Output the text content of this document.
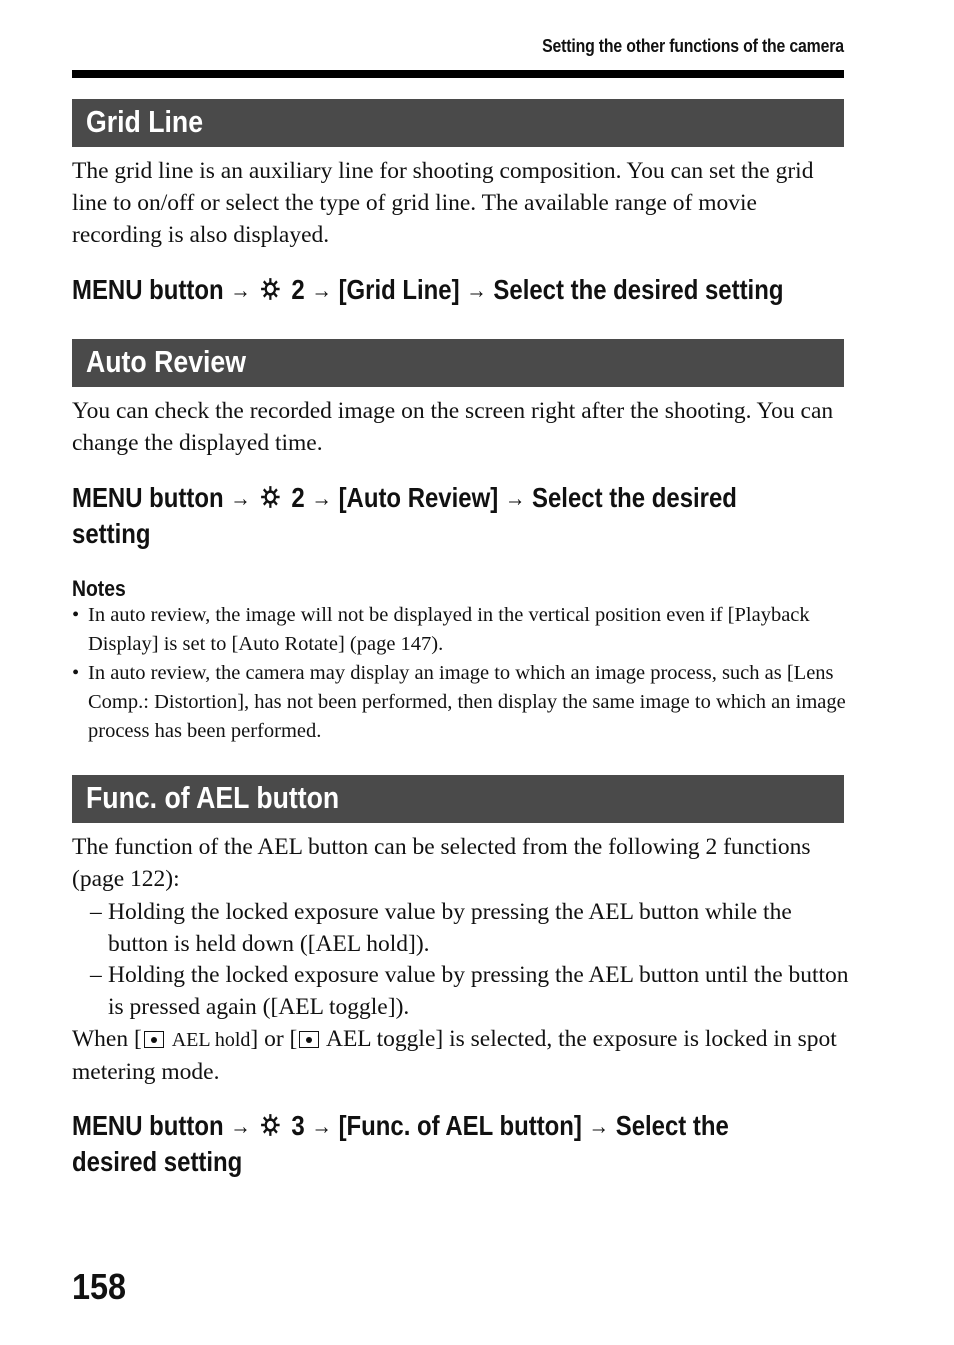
Setting the other functions of the camera
Grid Line

The grid line is an auxiliary line for shooting composition. You can set the grid line to on/off or select the type of grid line. The available range of movie recording is also displayed.

MENU button → 2 → [Grid Line] → Select the desired setting
Auto Review

You can check the recorded image on the screen right after the shooting. You can change the displayed time.

MENU button → 2 → [Auto Review] → Select the desired
setting
Notes
• In auto review, the image will not be displayed in the vertical position even if [Playback Display] is set to [Auto Rotate] (page 147).
• In auto review, the camera may display an image to which an image process, such as [Lens Comp.: Distortion], has not been performed, then display the same image to which an image process has been performed.
Func. of AEL button

The function of the AEL button can be selected from the following 2 functions (page 122):

– Holding the locked exposure value by pressing the AEL button while the button is held down ([AEL hold]).
– Holding the locked exposure value by pressing the AEL button until the button is pressed again ([AEL toggle]).

When [ AEL hold] or [ AEL toggle] is selected, the exposure is locked in spot metering mode.

MENU button → 3 → [Func. of AEL button] → Select the
desired setting
158
